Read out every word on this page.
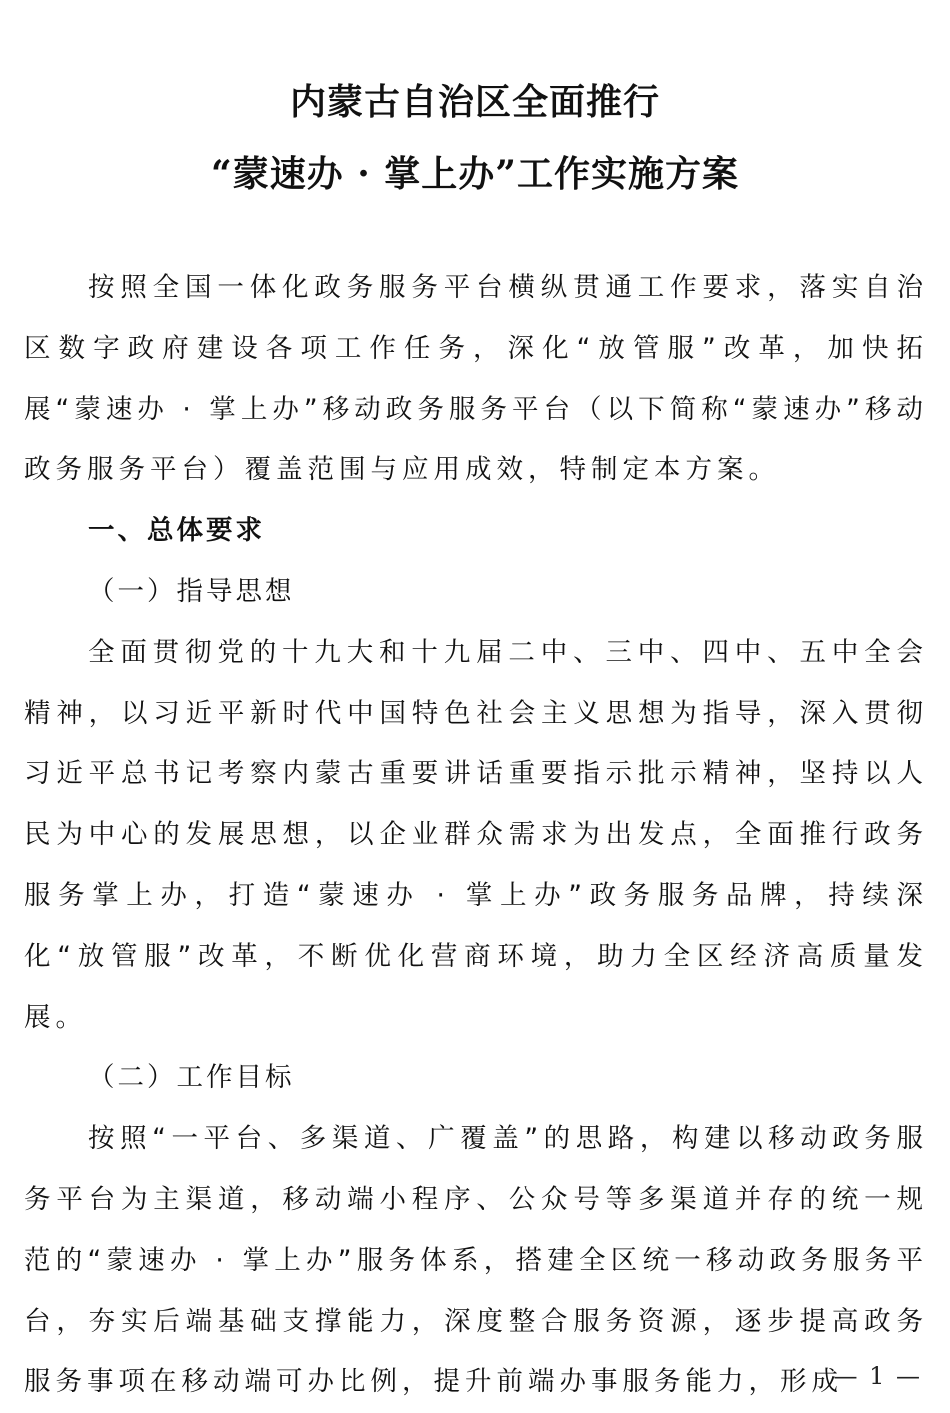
内蒙古自治区全面推行
“蒙速办 · 掌上办”工作实施方案

按照全国一体化政务服务平台横纵贯通工作要求，落实自治区数字政府建设各项工作任务，深化“放管服”改革，加快拓展“蒙速办 · 掌上办”移动政务服务平台（以下简称“蒙速办”移动政务服务平台）覆盖范围与应用成效，特制定本方案。

一、总体要求
（一）指导思想

全面贯彻党的十九大和十九届二中、三中、四中、五中全会精神，以习近平新时代中国特色社会主义思想为指导，深入贯彻习近平总书记考察内蒙古重要讲话重要指示批示精神，坚持以人民为中心的发展思想，以企业群众需求为出发点，全面推行政务服务掌上办，打造“蒙速办 · 掌上办”政务服务品牌，持续深化“放管服”改革，不断优化营商环境，助力全区经济高质量发展。

（二）工作目标

按照“一平台、多渠道、广覆盖”的思路，构建以移动政务服务平台为主渠道，移动端小程序、公众号等多渠道并存的统一规范的“蒙速办 · 掌上办”服务体系，搭建全区统一移动政务服务平台，夯实后端基础支撑能力，深度整合服务资源，逐步提高政务服务事项在移动端可办比例，提升前端办事服务能力，形成

— 1 —
